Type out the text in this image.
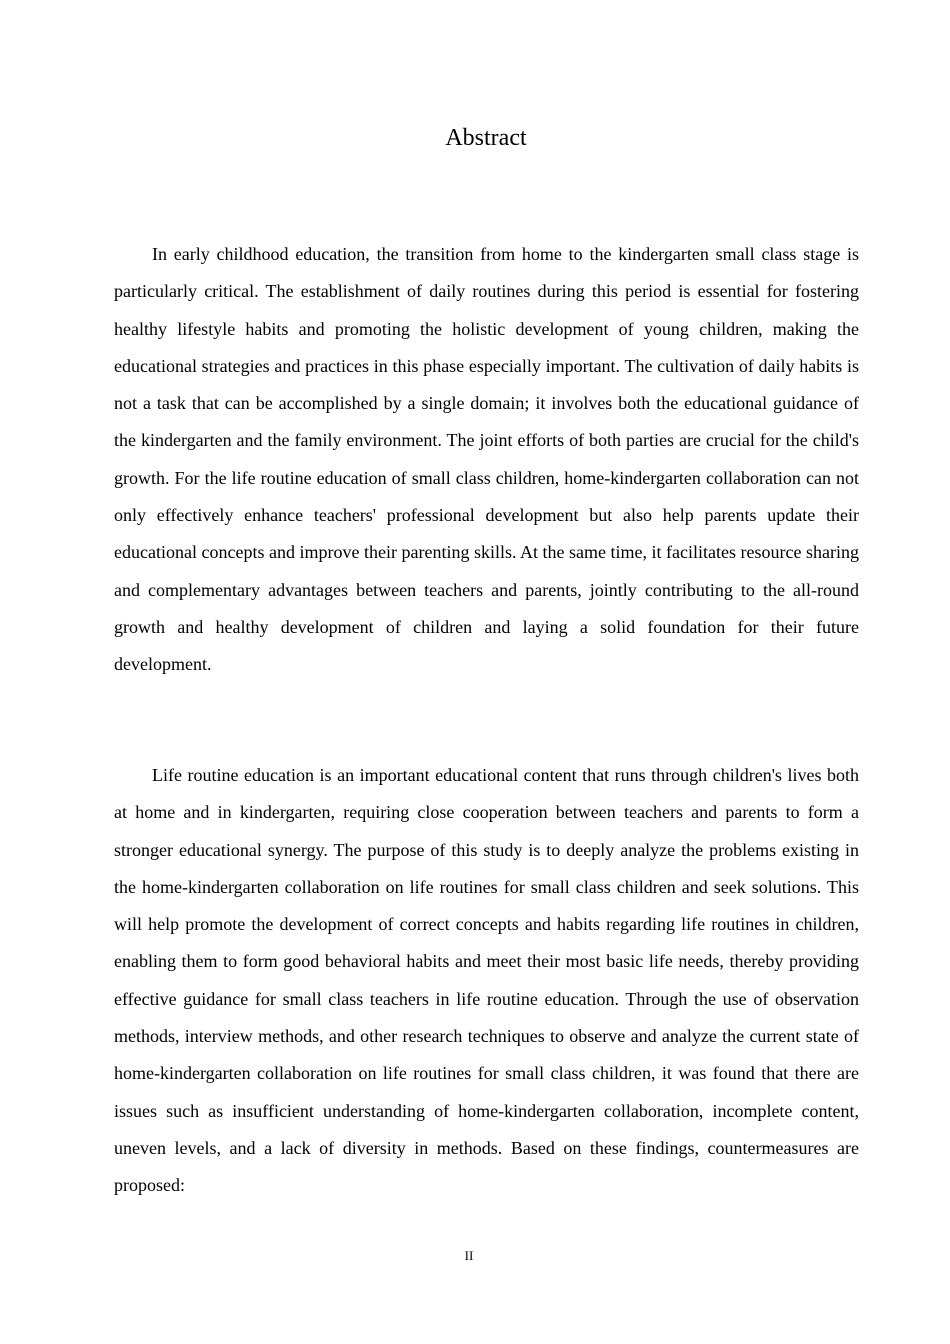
Abstract

In early childhood education, the transition from home to the kindergarten small class stage is particularly critical. The establishment of daily routines during this period is essential for fostering healthy lifestyle habits and promoting the holistic development of young children, making the educational strategies and practices in this phase especially important. The cultivation of daily habits is not a task that can be accomplished by a single domain; it involves both the educational guidance of the kindergarten and the family environment. The joint efforts of both parties are crucial for the child's growth. For the life routine education of small class children, home-kindergarten collaboration can not only effectively enhance teachers' professional development but also help parents update their educational concepts and improve their parenting skills. At the same time, it facilitates resource sharing and complementary advantages between teachers and parents, jointly contributing to the all-round growth and healthy development of children and laying a solid foundation for their future development.

Life routine education is an important educational content that runs through children's lives both at home and in kindergarten, requiring close cooperation between teachers and parents to form a stronger educational synergy. The purpose of this study is to deeply analyze the problems existing in the home-kindergarten collaboration on life routines for small class children and seek solutions. This will help promote the development of correct concepts and habits regarding life routines in children, enabling them to form good behavioral habits and meet their most basic life needs, thereby providing effective guidance for small class teachers in life routine education. Through the use of observation methods, interview methods, and other research techniques to observe and analyze the current state of home-kindergarten collaboration on life routines for small class children, it was found that there are issues such as insufficient understanding of home-kindergarten collaboration, incomplete content, uneven levels, and a lack of diversity in methods. Based on these findings, countermeasures are proposed:

II
